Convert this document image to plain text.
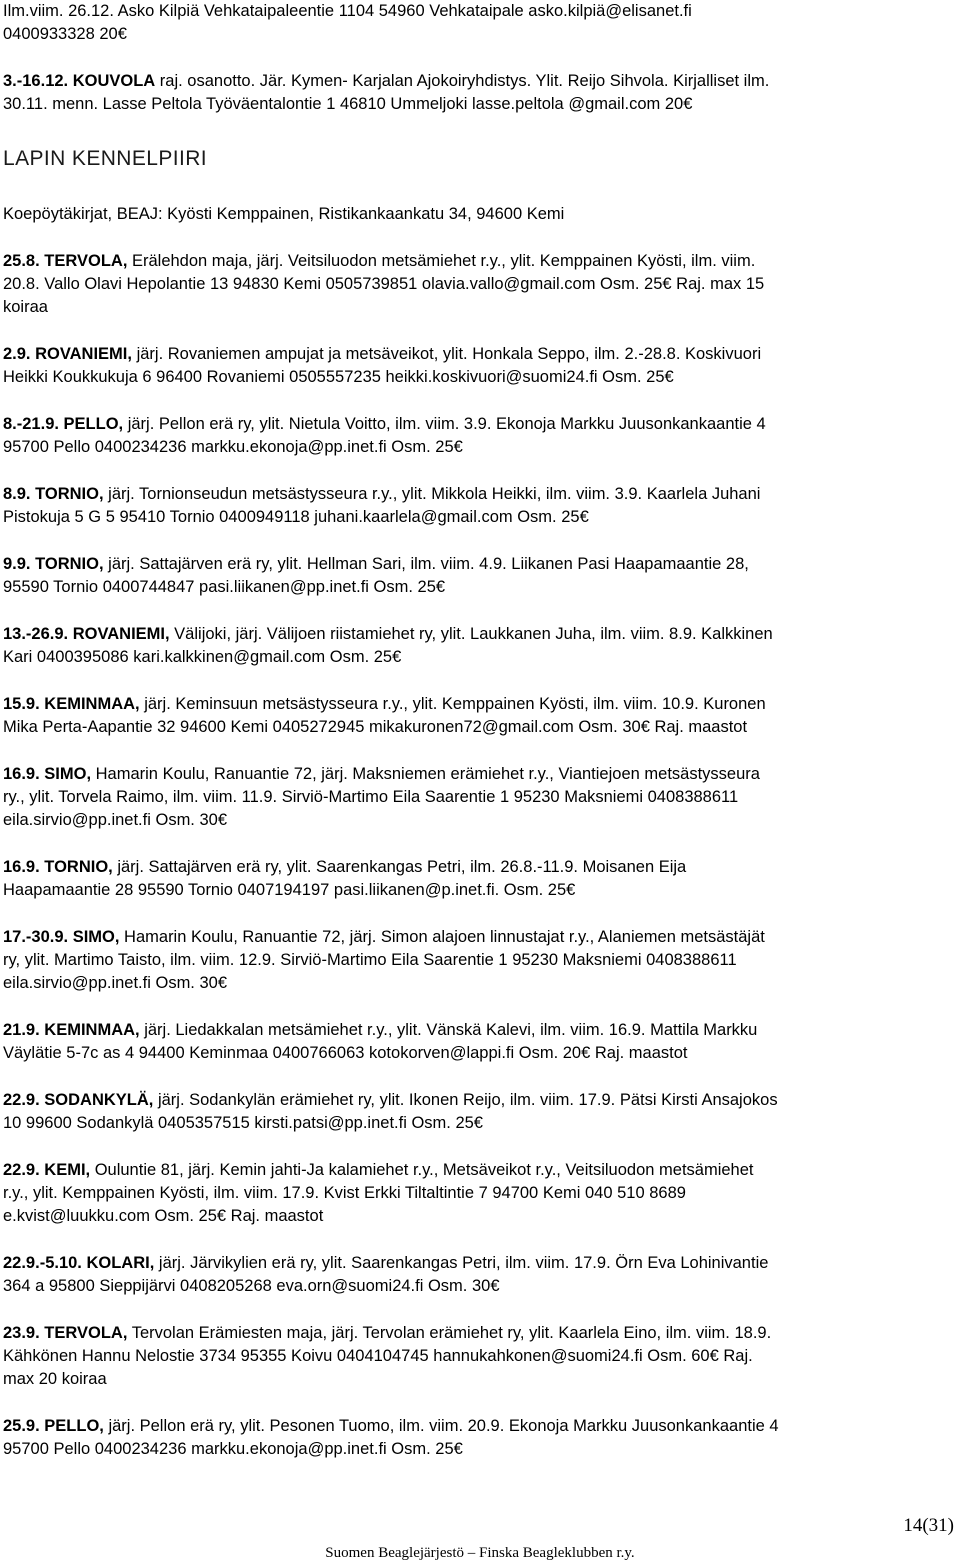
Ilm.viim. 26.12. Asko Kilpiä Vehkataipaleentie 1104 54960 Vehkataipale asko.kilpiä@elisanet.fi

0400933328 20€

3.-16.12. KOUVOLA raj. osanotto. Jär. Kymen- Karjalan Ajokoiryhdistys. Ylit. Reijo Sihvola. Kirjalliset ilm.
30.11. menn. Lasse Peltola Työväentalontie 1 46810 Ummeljoki lasse.peltola @gmail.com 20€

LAPIN KENNELPIIRI

Koepöytäkirjat, BEAJ: Kyösti Kemppainen, Ristikankaankatu 34, 94600 Kemi

25.8. TERVOLA, Erälehdon maja, järj. Veitsiluodon metsämiehet r.y., ylit. Kemppainen Kyösti, ilm. viim.
20.8. Vallo Olavi Hepolantie 13 94830 Kemi 0505739851 olavia.vallo@gmail.com Osm. 25€ Raj. max 15
koiraa

2.9. ROVANIEMI, järj. Rovaniemen ampujat ja metsäveikot, ylit. Honkala Seppo, ilm. 2.-28.8. Koskivuori
Heikki Koukkukuja 6 96400 Rovaniemi 0505557235 heikki.koskivuori@suomi24.fi Osm. 25€

8.-21.9. PELLO, järj. Pellon erä ry, ylit. Nietula Voitto, ilm. viim. 3.9. Ekonoja Markku Juusonkankaantie 4
95700 Pello 0400234236 markku.ekonoja@pp.inet.fi Osm. 25€

8.9. TORNIO, järj. Tornionseudun metsästysseura r.y., ylit. Mikkola Heikki, ilm. viim. 3.9. Kaarlela Juhani
Pistokuja 5 G 5 95410 Tornio 0400949118 juhani.kaarlela@gmail.com Osm. 25€

9.9. TORNIO, järj. Sattajärven erä ry, ylit. Hellman Sari, ilm. viim. 4.9. Liikanen Pasi Haapamaantie 28,
95590 Tornio 0400744847 pasi.liikanen@pp.inet.fi Osm. 25€

13.-26.9. ROVANIEMI, Välijoki, järj. Välijoen riistamiehet ry, ylit. Laukkanen Juha, ilm. viim. 8.9. Kalkkinen
Kari 0400395086 kari.kalkkinen@gmail.com Osm. 25€

15.9. KEMINMAA, järj. Keminsuun metsästysseura r.y., ylit. Kemppainen Kyösti, ilm. viim. 10.9. Kuronen
Mika Perta-Aapantie 32 94600 Kemi 0405272945 mikakuronen72@gmail.com Osm. 30€ Raj. maastot

16.9. SIMO, Hamarin Koulu, Ranuantie 72, järj. Maksniemen erämiehet r.y., Viantiejoen metsästysseura
ry., ylit. Torvela Raimo, ilm. viim. 11.9. Sirviö-Martimo Eila Saarentie 1 95230 Maksniemi 0408388611
eila.sirvio@pp.inet.fi Osm. 30€

16.9. TORNIO, järj. Sattajärven erä ry, ylit. Saarenkangas Petri, ilm. 26.8.-11.9. Moisanen Eija
Haapamaantie 28 95590 Tornio 0407194197 pasi.liikanen@p.inet.fi. Osm. 25€

17.-30.9. SIMO, Hamarin Koulu, Ranuantie 72, järj. Simon alajoen linnustajat r.y., Alaniemen metsästäjät
ry, ylit. Martimo Taisto, ilm. viim. 12.9. Sirviö-Martimo Eila Saarentie 1 95230 Maksniemi 0408388611
eila.sirvio@pp.inet.fi Osm. 30€

21.9. KEMINMAA, järj. Liedakkalan metsämiehet r.y., ylit. Vänskä Kalevi, ilm. viim. 16.9. Mattila Markku
Väylätie 5-7c as 4 94400 Keminmaa 0400766063 kotokorven@lappi.fi Osm. 20€ Raj. maastot

22.9. SODANKYLÄ, järj. Sodankylän erämiehet ry, ylit. Ikonen Reijo, ilm. viim. 17.9. Pätsi Kirsti Ansajokos
10 99600 Sodankylä 0405357515 kirsti.patsi@pp.inet.fi Osm. 25€

22.9. KEMI, Ouluntie 81, järj. Kemin jahti-Ja kalamiehet r.y., Metsäveikot r.y., Veitsiluodon metsämiehet
r.y., ylit. Kemppainen Kyösti, ilm. viim. 17.9. Kvist Erkki Tiltaltintie 7 94700 Kemi 040 510 8689
e.kvist@luukku.com Osm. 25€ Raj. maastot

22.9.-5.10. KOLARI, järj. Järvikylien erä ry, ylit. Saarenkangas Petri, ilm. viim. 17.9. Örn Eva Lohinivantie
364 a 95800 Sieppijärvi 0408205268 eva.orn@suomi24.fi Osm. 30€

23.9. TERVOLA, Tervolan Erämiesten maja, järj. Tervolan erämiehet ry, ylit. Kaarlela Eino, ilm. viim. 18.9.
Kähkönen Hannu Nelostie 3734 95355 Koivu 0404104745 hannukahkonen@suomi24.fi Osm. 60€ Raj.
max 20 koiraa

25.9. PELLO, järj. Pellon erä ry, ylit. Pesonen Tuomo, ilm. viim. 20.9. Ekonoja Markku Juusonkankaantie 4
95700 Pello 0400234236 markku.ekonoja@pp.inet.fi Osm. 25€

14(31)
Suomen Beaglejärjestö – Finska Beagleklubben r.y.
